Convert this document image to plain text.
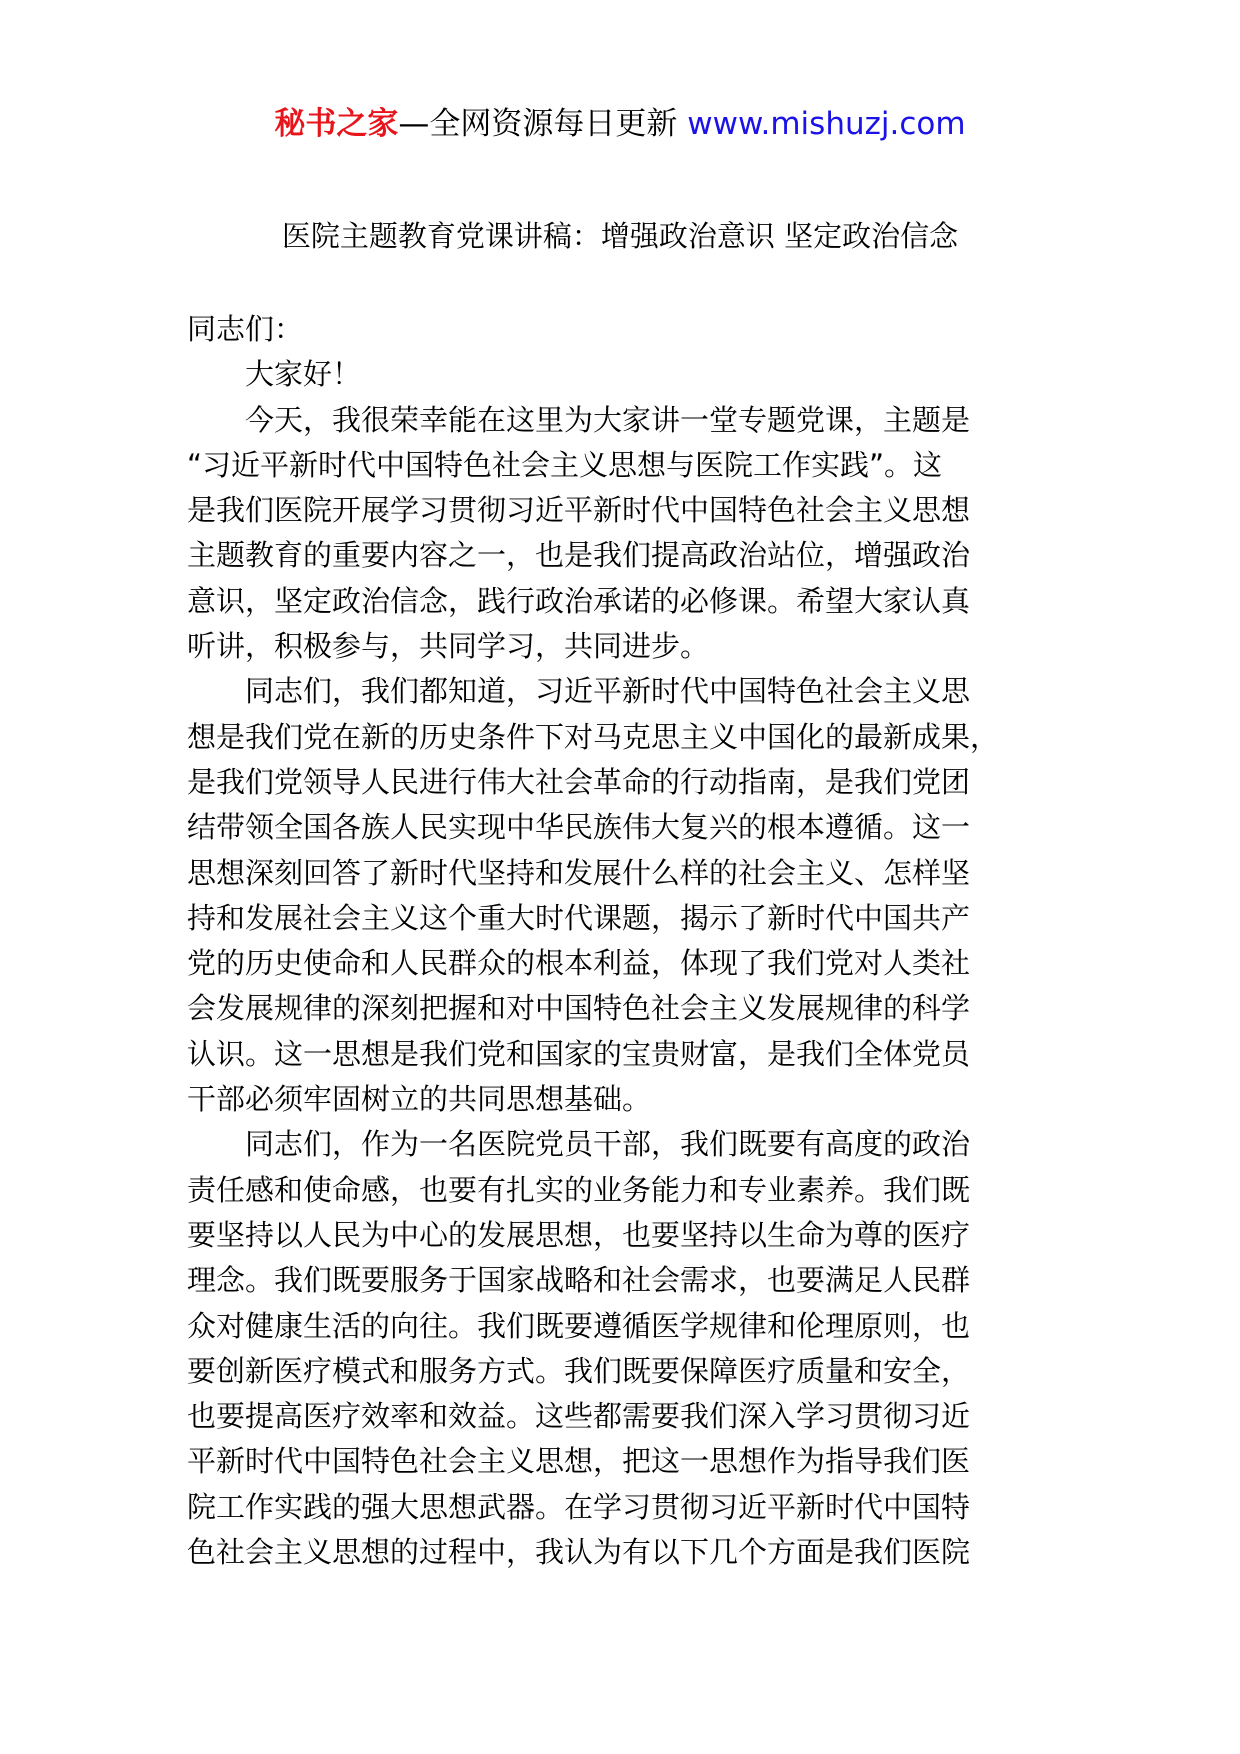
秘书之家—全网资源每日更新 www.mishuzj.com
医院主题教育党课讲稿：增强政治意识 坚定政治信念
同志们：
大家好！
今天，我很荣幸能在这里为大家讲一堂专题党课，主题是
“习近平新时代中国特色社会主义思想与医院工作实践”。这
是我们医院开展学习贯彻习近平新时代中国特色社会主义思想
主题教育的重要内容之一，也是我们提高政治站位，增强政治
意识，坚定政治信念，践行政治承诺的必修课。希望大家认真
听讲，积极参与，共同学习，共同进步。
同志们，我们都知道，习近平新时代中国特色社会主义思
想是我们党在新的历史条件下对马克思主义中国化的最新成果，
是我们党领导人民进行伟大社会革命的行动指南，是我们党团
结带领全国各族人民实现中华民族伟大复兴的根本遵循。这一
思想深刻回答了新时代坚持和发展什么样的社会主义、怎样坚
持和发展社会主义这个重大时代课题，揭示了新时代中国共产
党的历史使命和人民群众的根本利益，体现了我们党对人类社
会发展规律的深刻把握和对中国特色社会主义发展规律的科学
认识。这一思想是我们党和国家的宝贵财富，是我们全体党员
干部必须牢固树立的共同思想基础。
同志们，作为一名医院党员干部，我们既要有高度的政治
责任感和使命感，也要有扎实的业务能力和专业素养。我们既
要坚持以人民为中心的发展思想，也要坚持以生命为尊的医疗
理念。我们既要服务于国家战略和社会需求，也要满足人民群
众对健康生活的向往。我们既要遵循医学规律和伦理原则，也
要创新医疗模式和服务方式。我们既要保障医疗质量和安全，
也要提高医疗效率和效益。这些都需要我们深入学习贯彻习近
平新时代中国特色社会主义思想，把这一思想作为指导我们医
院工作实践的强大思想武器。在学习贯彻习近平新时代中国特
色社会主义思想的过程中，我认为有以下几个方面是我们医院
